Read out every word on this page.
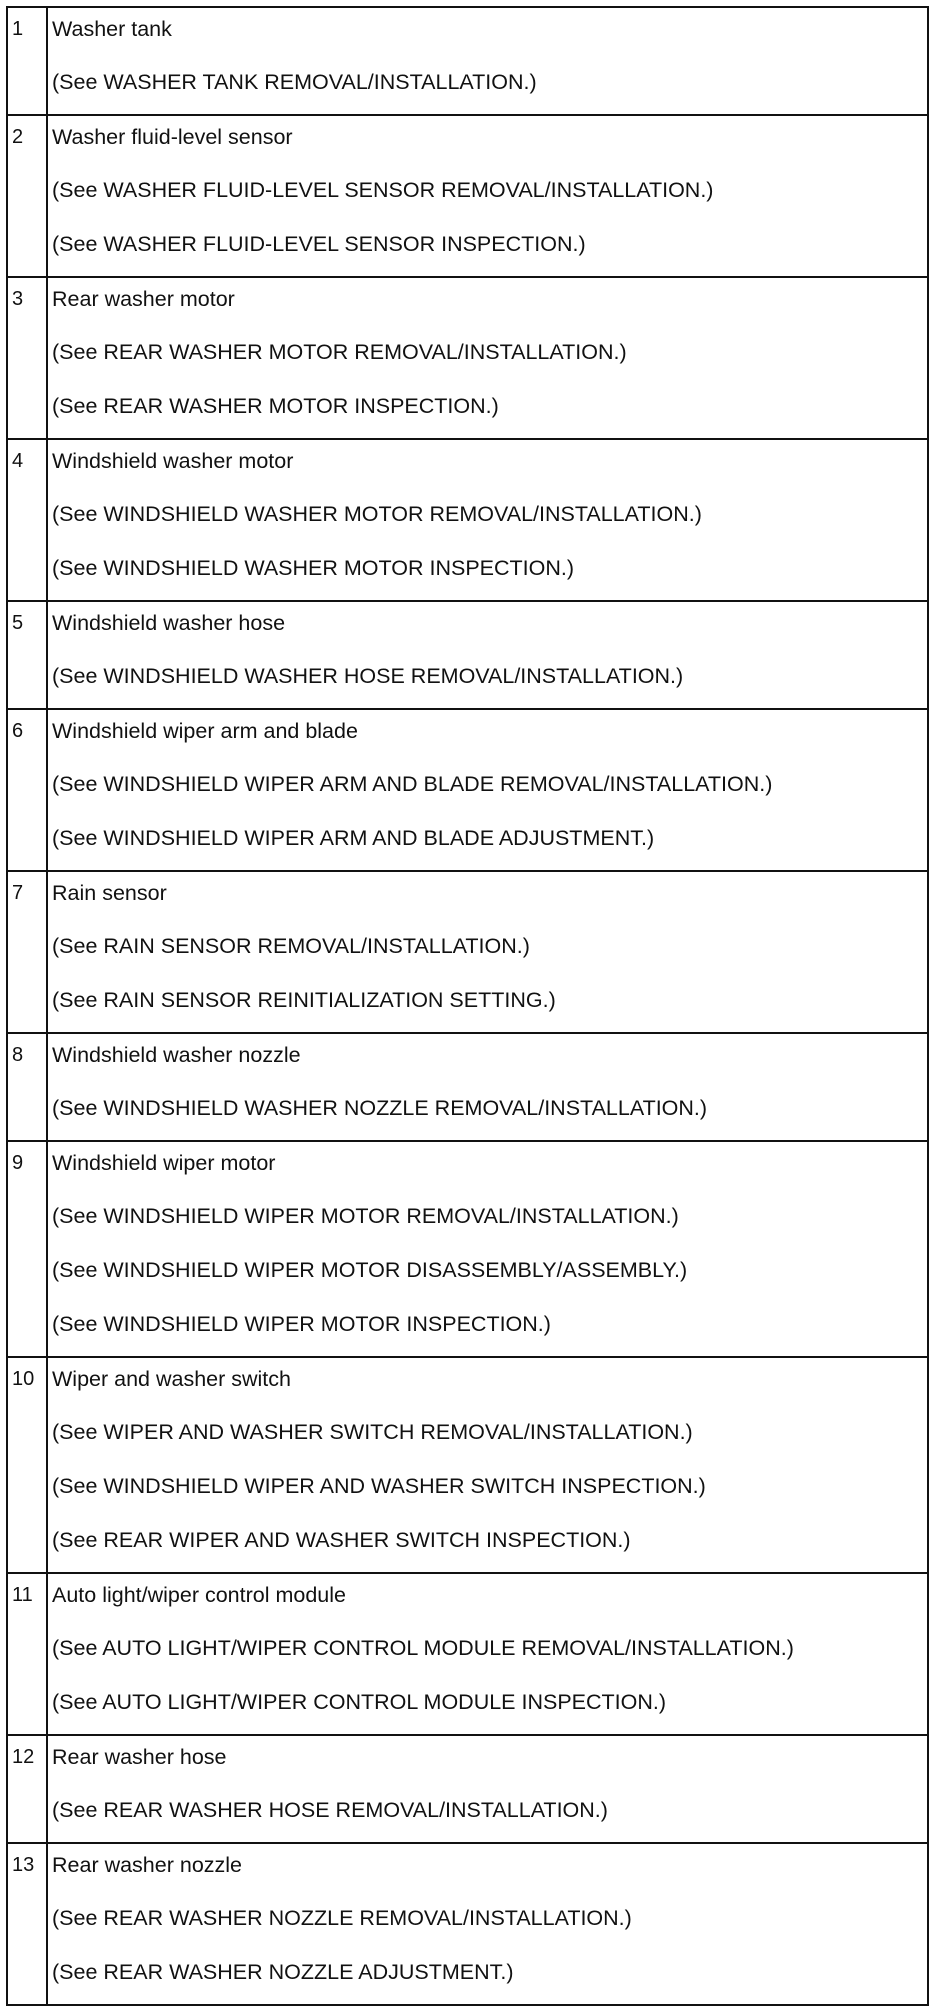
1	Washer tank
(See WASHER TANK REMOVAL/INSTALLATION.)

2	Washer fluid-level sensor
(See WASHER FLUID-LEVEL SENSOR REMOVAL/INSTALLATION.)
(See WASHER FLUID-LEVEL SENSOR INSPECTION.)

3	Rear washer motor
(See REAR WASHER MOTOR REMOVAL/INSTALLATION.)
(See REAR WASHER MOTOR INSPECTION.)

4	Windshield washer motor
(See WINDSHIELD WASHER MOTOR REMOVAL/INSTALLATION.)
(See WINDSHIELD WASHER MOTOR INSPECTION.)

5	Windshield washer hose
(See WINDSHIELD WASHER HOSE REMOVAL/INSTALLATION.)

6	Windshield wiper arm and blade
(See WINDSHIELD WIPER ARM AND BLADE REMOVAL/INSTALLATION.)
(See WINDSHIELD WIPER ARM AND BLADE ADJUSTMENT.)

7	Rain sensor
(See RAIN SENSOR REMOVAL/INSTALLATION.)
(See RAIN SENSOR REINITIALIZATION SETTING.)

8	Windshield washer nozzle
(See WINDSHIELD WASHER NOZZLE REMOVAL/INSTALLATION.)

9	Windshield wiper motor
(See WINDSHIELD WIPER MOTOR REMOVAL/INSTALLATION.)
(See WINDSHIELD WIPER MOTOR DISASSEMBLY/ASSEMBLY.)
(See WINDSHIELD WIPER MOTOR INSPECTION.)

10	Wiper and washer switch
(See WIPER AND WASHER SWITCH REMOVAL/INSTALLATION.)
(See WINDSHIELD WIPER AND WASHER SWITCH INSPECTION.)
(See REAR WIPER AND WASHER SWITCH INSPECTION.)

11	Auto light/wiper control module
(See AUTO LIGHT/WIPER CONTROL MODULE REMOVAL/INSTALLATION.)
(See AUTO LIGHT/WIPER CONTROL MODULE INSPECTION.)

12	Rear washer hose
(See REAR WASHER HOSE REMOVAL/INSTALLATION.)

13	Rear washer nozzle
(See REAR WASHER NOZZLE REMOVAL/INSTALLATION.)
(See REAR WASHER NOZZLE ADJUSTMENT.)
